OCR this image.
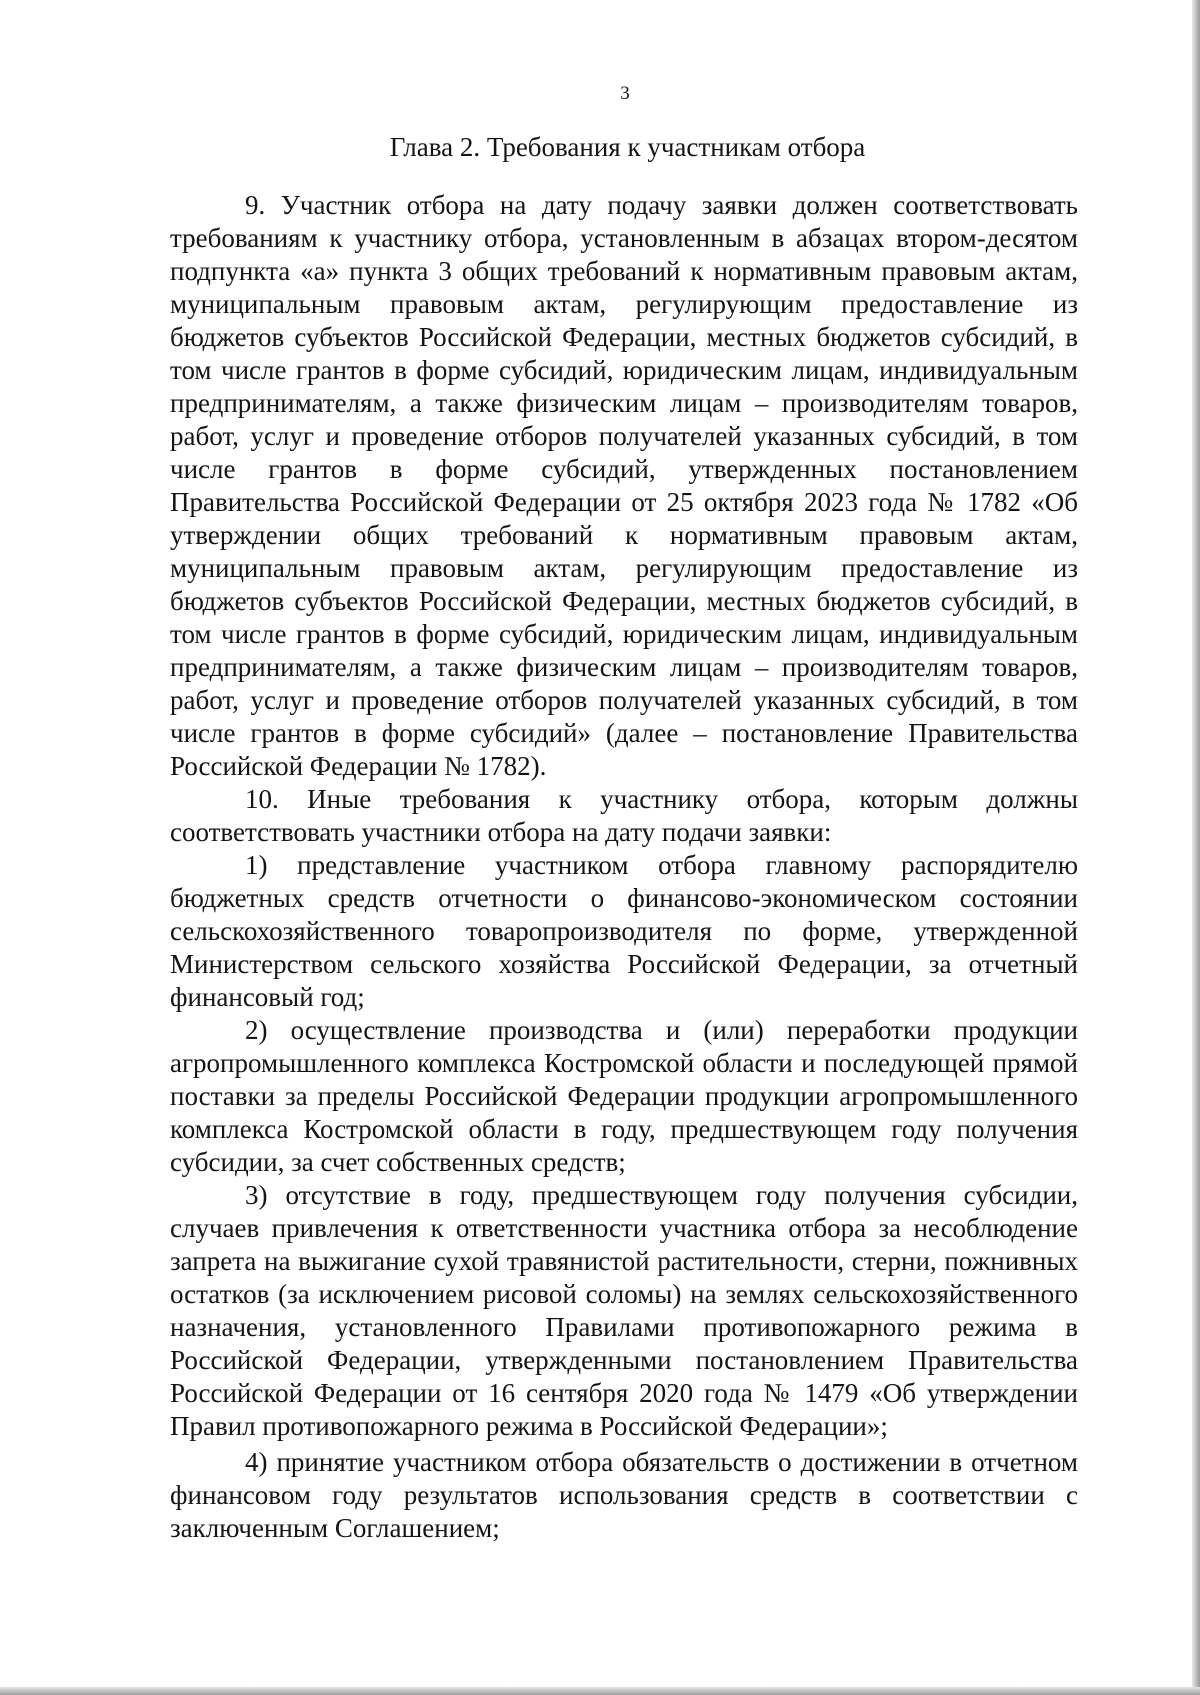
3
Глава 2. Требования к участникам отбора

9. Участник отбора на дату подачу заявки должен соответствовать требованиям к участнику отбора, установленным в абзацах втором-десятом подпункта «а» пункта 3 общих требований к нормативным правовым актам, муниципальным правовым актам, регулирующим предоставление из бюджетов субъектов Российской Федерации, местных бюджетов субсидий, в том числе грантов в форме субсидий, юридическим лицам, индивидуальным предпринимателям, а также физическим лицам – производителям товаров, работ, услуг и проведение отборов получателей указанных субсидий, в том числе грантов в форме субсидий, утвержденных постановлением Правительства Российской Федерации от 25 октября 2023 года № 1782 «Об утверждении общих требований к нормативным правовым актам, муниципальным правовым актам, регулирующим предоставление из бюджетов субъектов Российской Федерации, местных бюджетов субсидий, в том числе грантов в форме субсидий, юридическим лицам, индивидуальным предпринимателям, а также физическим лицам – производителям товаров, работ, услуг и проведение отборов получателей указанных субсидий, в том числе грантов в форме субсидий» (далее – постановление Правительства Российской Федерации № 1782).

10. Иные требования к участнику отбора, которым должны соответствовать участники отбора на дату подачи заявки:

1) представление участником отбора главному распорядителю бюджетных средств отчетности о финансово-экономическом состоянии сельскохозяйственного товаропроизводителя по форме, утвержденной Министерством сельского хозяйства Российской Федерации, за отчетный финансовый год;

2) осуществление производства и (или) переработки продукции агропромышленного комплекса Костромской области и последующей прямой поставки за пределы Российской Федерации продукции агропромышленного комплекса Костромской области в году, предшествующем году получения субсидии, за счет собственных средств;

3) отсутствие в году, предшествующем году получения субсидии, случаев привлечения к ответственности участника отбора за несоблюдение запрета на выжигание сухой травянистой растительности, стерни, пожнивных остатков (за исключением рисовой соломы) на землях сельскохозяйственного назначения, установленного Правилами противопожарного режима в Российской Федерации, утвержденными постановлением Правительства Российской Федерации от 16 сентября 2020 года № 1479 «Об утверждении Правил противопожарного режима в Российской Федерации»;

4) принятие участником отбора обязательств о достижении в отчетном финансовом году результатов использования средств в соответствии с заключенным Соглашением;
